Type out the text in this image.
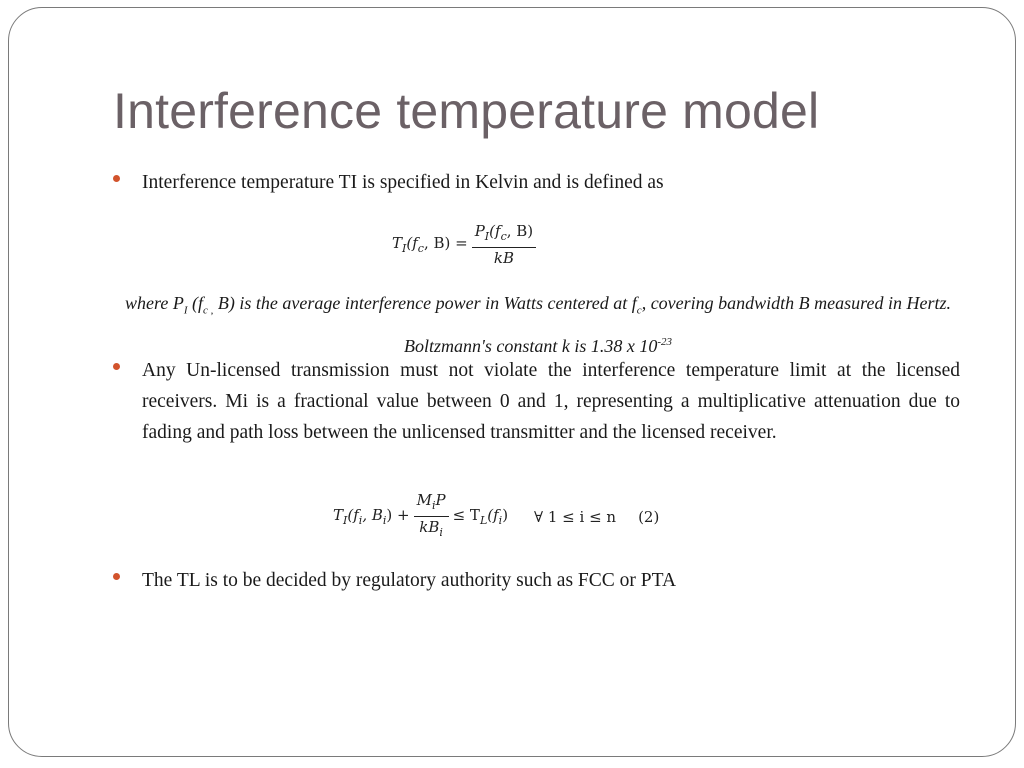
Interference temperature model

Interference temperature TI is specified in Kelvin and is defined as

$T_I(f_c$, $B) = \frac{P_I(f_c, B)}{kB}$
where $P_I$ ($f_{c ,}$ B) is the average interference power in Watts centered at $f_c$, covering bandwidth B measured in Hertz. Boltzmann's constant k is 1.38 x $10^{-23}$

Any Un-licensed transmission must not violate the interference temperature limit at the licensed receivers. Mi is a fractional value between 0 and 1, representing a multiplicative attenuation due to fading and path loss between the unlicensed transmitter and the licensed receiver.

$T_I(f_i$, $B_i) + \frac{M_iP}{kB_i} \le T_L(f_i)$ ∀ 1 ≤ i ≤ n (2)

The TL is to be decided by regulatory authority such as FCC or PTA
